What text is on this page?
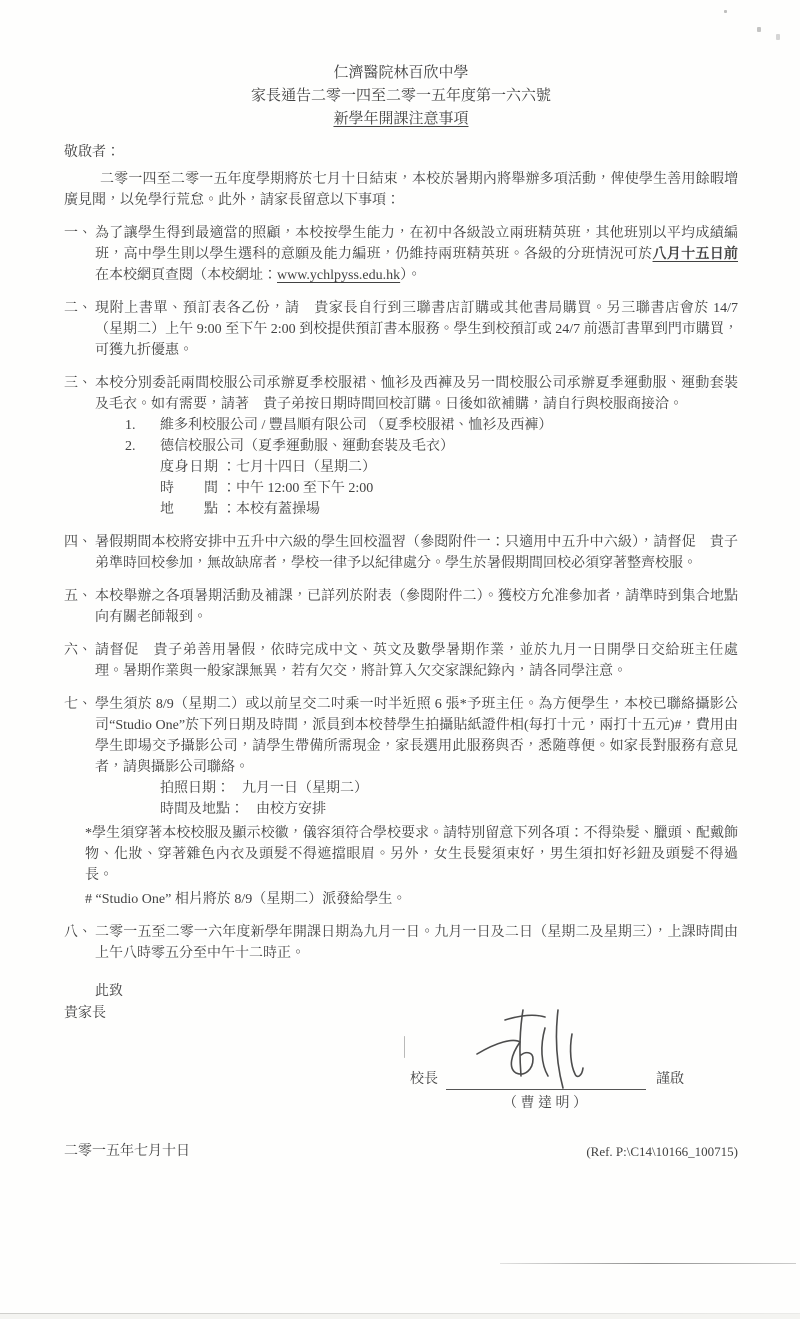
仁濟醫院林百欣中學
家長通告二零一四至二零一五年度第一六六號
新學年開課注意事項
敬啟者：

二零一四至二零一五年度學期將於七月十日結束，本校於暑期內將舉辦多項活動，俾使學生善用餘暇增廣見聞，以免學行荒怠。此外，請家長留意以下事項：

一、 為了讓學生得到最適當的照顧，本校按學生能力，在初中各級設立兩班精英班，其他班別以平均成績編班，高中學生則以學生選科的意願及能力編班，仍維持兩班精英班。各級的分班情況可於八月十五日前在本校網頁查閱（本校網址：www.ychlpyss.edu.hk）。
二、 現附上書單、預訂表各乙份，請　貴家長自行到三聯書店訂購或其他書局購買。另三聯書店會於 14/7（星期二）上午 9:00 至下午 2:00 到校提供預訂書本服務。學生到校預訂或 24/7 前憑訂書單到門市購買，可獲九折優惠。
三、 本校分別委託兩間校服公司承辦夏季校服裙、恤衫及西褲及另一間校服公司承辦夏季運動服、運動套裝及毛衣。如有需要，請著　貴子弟按日期時間回校訂購。日後如欲補購，請自行與校服商接洽。
1.	維多利校服公司 / 豐昌順有限公司 （夏季校服裙、恤衫及西褲）
2.	德信校服公司（夏季運動服、運動套裝及毛衣）
度身日期 ：七月十四日（星期二）
時間 ：中午 12:00 至下午 2:00
地點 ：本校有蓋操場
四、 暑假期間本校將安排中五升中六級的學生回校溫習（參閱附件一：只適用中五升中六級），請督促　貴子弟準時回校參加，無故缺席者，學校一律予以紀律處分。學生於暑假期間回校必須穿著整齊校服。
五、 本校舉辦之各項暑期活動及補課，已詳列於附表（參閱附件二）。獲校方允准參加者，請準時到集合地點向有關老師報到。
六、 請督促　貴子弟善用暑假，依時完成中文、英文及數學暑期作業，並於九月一日開學日交給班主任處理。暑期作業與一般家課無異，若有欠交，將計算入欠交家課紀錄內，請各同學注意。
七、 學生須於 8/9（星期二）或以前呈交二吋乘一吋半近照 6 張*予班主任。為方便學生，本校已聯絡攝影公司“Studio One”於下列日期及時間，派員到本校替學生拍攝貼紙證件相(每打十元，兩打十五元)#，費用由學生即場交予攝影公司，請學生帶備所需現金，家長選用此服務與否，悉隨尊便。如家長對服務有意見者，請與攝影公司聯絡。
拍照日期： 九月一日（星期二）
時間及地點： 由校方安排
*學生須穿著本校校服及顯示校徽，儀容須符合學校要求。請特別留意下列各項：不得染髮、臘頭、配戴飾物、化妝、穿著雜色內衣及頭髮不得遮擋眼眉。另外，女生長髮須束好，男生須扣好衫鈕及頭髮不得過長。
# “Studio One” 相片將於 8/9（星期二）派發給學生。
八、 二零一五至二零一六年度新學年開課日期為九月一日。九月一日及二日（星期二及星期三），上課時間由上午八時零五分至中午十二時正。
此致
貴家長
校長	謹啟
（ 曹 達 明 ）
二零一五年七月十日	(Ref. P:\C14\10166_100715)
